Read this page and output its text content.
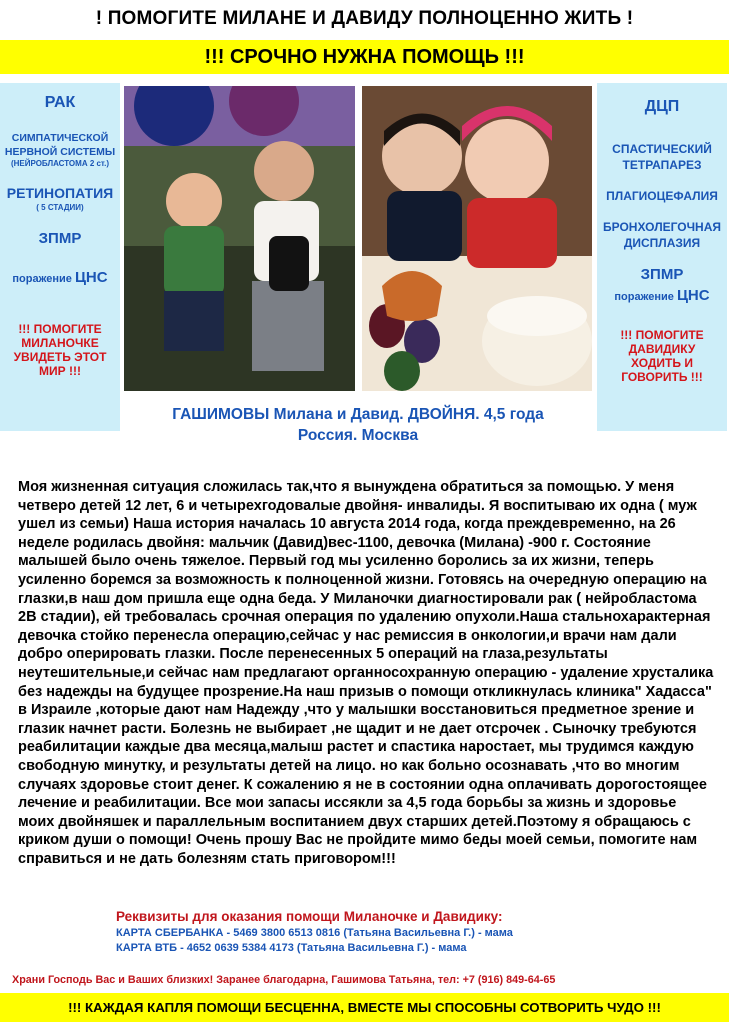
! ПОМОГИТЕ МИЛАНЕ И ДАВИДУ ПОЛНОЦЕННО ЖИТЬ !
!!! СРОЧНО НУЖНА ПОМОЩЬ !!!
РАК
СИМПАТИЧЕСКОЙ НЕРВНОЙ СИСТЕМЫ
(НЕЙРОБЛАСТОМА 2 ст.)
РЕТИНОПАТИЯ
( 5 СТАДИИ)
ЗПМР
поражение ЦНС
!!! ПОМОГИТЕ МИЛАНОЧКЕ УВИДЕТЬ ЭТОТ МИР !!!
ДЦП
СПАСТИЧЕСКИЙ ТЕТРАПАРЕЗ
ПЛАГИОЦЕФАЛИЯ
БРОНХОЛЕГОЧНАЯ ДИСПЛАЗИЯ
ЗПМР
поражение ЦНС
!!! ПОМОГИТЕ ДАВИДИКУ ХОДИТЬ И ГОВОРИТЬ !!!
ГАШИМОВЫ Милана и Давид. ДВОЙНЯ. 4,5 года
Россия. Москва
Моя жизненная ситуация сложилась так,что я вынуждена обратиться за помощью. У меня четверо детей 12 лет, 6 и четырехгодовалые двойня- инвалиды. Я воспитываю их одна ( муж ушел из семьи) Наша история началась 10 августа 2014 года, когда преждевременно, на 26 неделе родилась двойня: мальчик (Давид)вес-1100, девочка (Милана) -900 г. Состояние малышей было очень тяжелое. Первый год мы усиленно боролись за их жизни, теперь усиленно боремся за возможность к полноценной жизни. Готовясь на очередную операцию на глазки,в наш дом пришла еще одна беда. У Миланочки диагностировали рак ( нейробластома 2В стадии), ей требовалась срочная операция по удалению опухоли.Наша стальнохарактерная девочка стойко перенесла операцию,сейчас у нас ремиссия в онкологии,и врачи нам дали добро оперировать глазки. После перенесенных 5 операций на глаза,результаты неутешительные,и сейчас нам предлагают органносохранную операцию - удаление хрусталика без надежды на будущее прозрение.На наш призыв о помощи откликнулась клиника" Хадасса" в Израиле ,которые дают нам Надежду ,что у малышки восстановиться предметное зрение и глазик начнет расти. Болезнь не выбирает ,не щадит и не дает отсрочек . Сыночку требуются реабилитации каждые два месяца,малыш растет и спастика наростает, мы трудимся каждую свободную минутку, и результаты детей на лицо. но как больно осознавать ,что во многим случаях здоровье стоит денег. К сожалению я не в состоянии одна оплачивать дорогостоящее лечение и реабилитации. Все мои запасы иссякли за 4,5 года борьбы за жизнь и здоровье моих двойняшек и параллельным воспитанием двух старших детей.Поэтому я обращаюсь с криком души о помощи! Очень прошу Вас не пройдите мимо беды моей семьи, помогите нам справиться и не дать болезням стать приговором!!!
Реквизиты для оказания помощи Миланочке и Давидику:
КАРТА СБЕРБАНКА - 5469 3800 6513 0816 (Татьяна Васильевна Г.) - мама
КАРТА ВТБ - 4652 0639 5384 4173 (Татьяна Васильевна Г.) - мама
Храни Господь Вас и Ваших близких! Заранее благодарна, Гашимова Татьяна, тел: +7 (916) 849-64-65
!!! КАЖДАЯ КАПЛЯ ПОМОЩИ БЕСЦЕННА, ВМЕСТЕ МЫ СПОСОБНЫ СОТВОРИТЬ ЧУДО !!!
